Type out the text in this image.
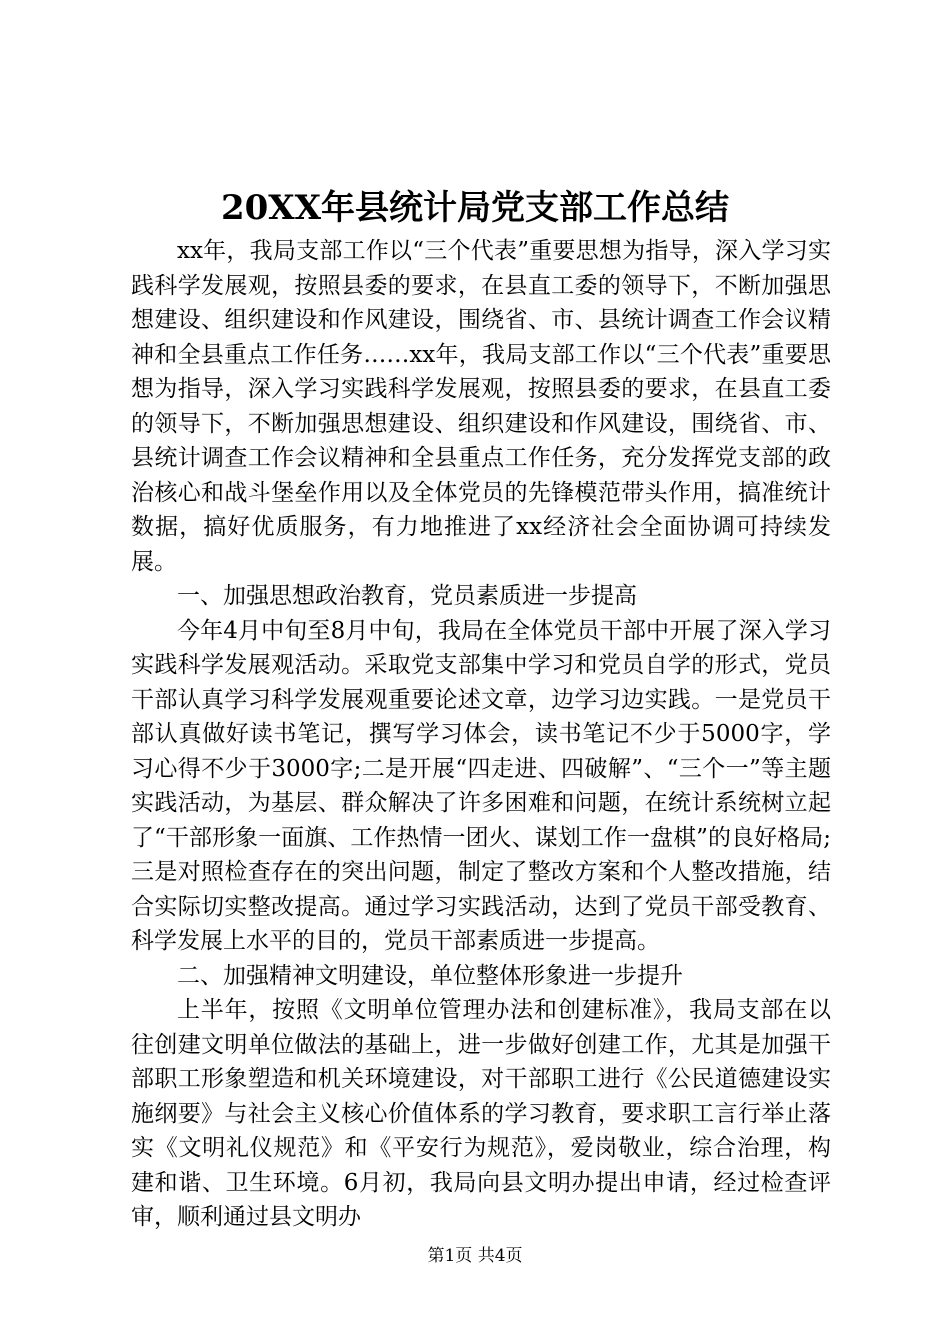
20XX年县统计局党支部工作总结

xx年，我局支部工作以“三个代表”重要思想为指导，深入学习实践科学发展观，按照县委的要求，在县直工委的领导下，不断加强思想建设、组织建设和作风建设，围绕省、市、县统计调查工作会议精神和全县重点工作任务……xx年，我局支部工作以“三个代表”重要思想为指导，深入学习实践科学发展观，按照县委的要求，在县直工委的领导下，不断加强思想建设、组织建设和作风建设，围绕省、市、县统计调查工作会议精神和全县重点工作任务，充分发挥党支部的政治核心和战斗堡垒作用以及全体党员的先锋模范带头作用，搞准统计数据，搞好优质服务，有力地推进了xx经济社会全面协调可持续发展。

一、加强思想政治教育，党员素质进一步提高

今年4月中旬至8月中旬，我局在全体党员干部中开展了深入学习实践科学发展观活动。采取党支部集中学习和党员自学的形式，党员干部认真学习科学发展观重要论述文章，边学习边实践。一是党员干部认真做好读书笔记，撰写学习体会，读书笔记不少于5000字，学习心得不少于3000字;二是开展“四走进、四破解”、“三个一”等主题实践活动，为基层、群众解决了许多困难和问题，在统计系统树立起了“干部形象一面旗、工作热情一团火、谋划工作一盘棋”的良好格局;三是对照检查存在的突出问题，制定了整改方案和个人整改措施，结合实际切实整改提高。通过学习实践活动，达到了党员干部受教育、科学发展上水平的目的，党员干部素质进一步提高。

二、加强精神文明建设，单位整体形象进一步提升

上半年，按照《文明单位管理办法和创建标准》，我局支部在以往创建文明单位做法的基础上，进一步做好创建工作，尤其是加强干部职工形象塑造和机关环境建设，对干部职工进行《公民道德建设实施纲要》与社会主义核心价值体系的学习教育，要求职工言行举止落实《文明礼仪规范》和《平安行为规范》，爱岗敬业，综合治理，构建和谐、卫生环境。6月初，我局向县文明办提出申请，经过检查评审，顺利通过县文明办

第1页 共4页
